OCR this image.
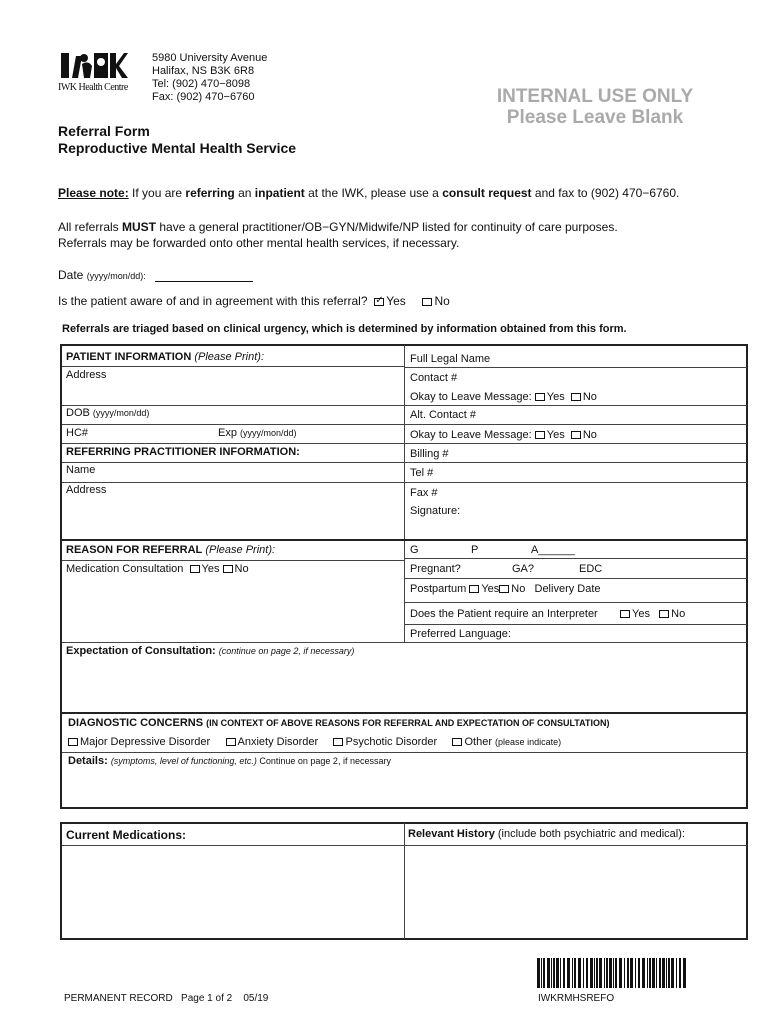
IWK Health Centre
5980 University Avenue
Halifax, NS B3K 6R8
Tel: (902) 470−8098
Fax: (902) 470−6760	INTERNAL USE ONLY
Please Leave Blank
Referral Form
Reproductive Mental Health Service
Please note: If you are referring an inpatient at the IWK, please use a consult request and fax to (902) 470−6760.
All referrals MUST have a general practitioner/OB−GYN/Midwife/NP listed for continuity of care purposes.
Referrals may be forwarded onto other mental health services, if necessary.
Date (yyyy/mon/dd):
Is the patient aware of and in agreement with this referral?  ✓ Yes No
Referrals are triaged based on clinical urgency, which is determined by information obtained from this form.
PATIENT INFORMATION (Please Print):
Address
DOB (yyyy/mon/dd)
HC#	Exp (yyyy/mon/dd)
Full Legal Name
Contact #
Okay to Leave Message: Yes No
Alt. Contact #
Okay to Leave Message: Yes No
REFERRING PRACTITIONER INFORMATION:
Name
Address
Billing #
Tel #
Fax #
Signature:
REASON FOR REFERRAL (Please Print):
Medication Consultation Yes No
G	P	A______
Pregnant?	GA?	EDC
Postpartum Yes No Delivery Date
Does the Patient require an Interpreter	Yes No
Preferred Language:
Expectation of Consultation: (continue on page 2, if necessary)
DIAGNOSTIC CONCERNS (IN CONTEXT OF ABOVE REASONS FOR REFERRAL AND EXPECTATION OF CONSULTATION)
Major Depressive Disorder Anxiety Disorder Psychotic Disorder Other (please indicate)
Details: (symptoms, level of functioning, etc.) Continue on page 2, if necessary
Current Medications:	Relevant History (include both psychiatric and medical):
IWKRMHSREFO
PERMANENT RECORD   Page 1 of 2    05/19
